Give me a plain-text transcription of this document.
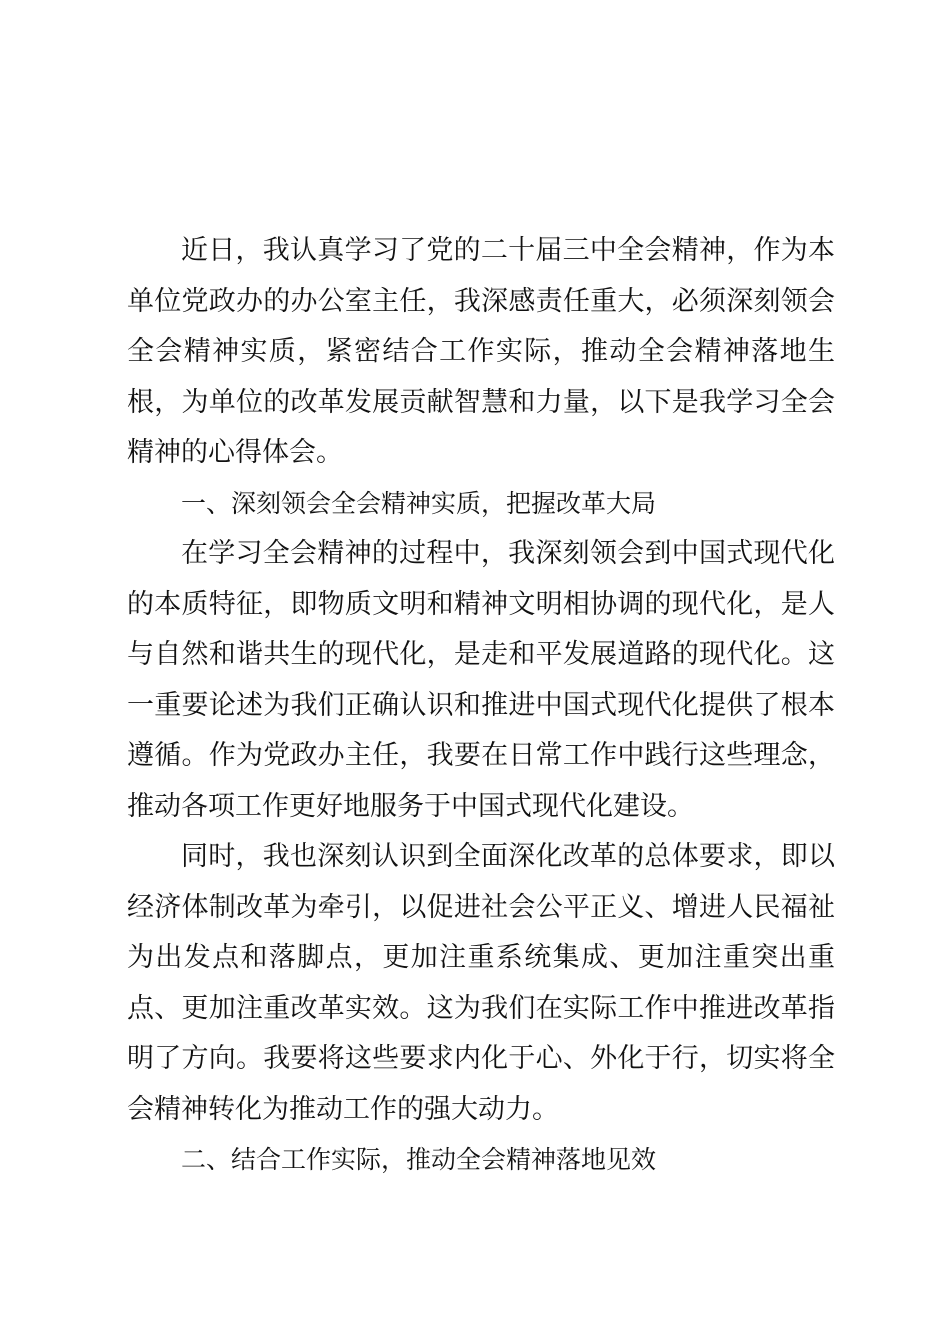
近日，我认真学习了党的二十届三中全会精神，作为本单位党政办的办公室主任，我深感责任重大，必须深刻领会全会精神实质，紧密结合工作实际，推动全会精神落地生根，为单位的改革发展贡献智慧和力量，以下是我学习全会精神的心得体会。

一、深刻领会全会精神实质，把握改革大局

在学习全会精神的过程中，我深刻领会到中国式现代化的本质特征，即物质文明和精神文明相协调的现代化，是人与自然和谐共生的现代化，是走和平发展道路的现代化。这一重要论述为我们正确认识和推进中国式现代化提供了根本遵循。作为党政办主任，我要在日常工作中践行这些理念，推动各项工作更好地服务于中国式现代化建设。

同时，我也深刻认识到全面深化改革的总体要求，即以经济体制改革为牵引，以促进社会公平正义、增进人民福祉为出发点和落脚点，更加注重系统集成、更加注重突出重点、更加注重改革实效。这为我们在实际工作中推进改革指明了方向。我要将这些要求内化于心、外化于行，切实将全会精神转化为推动工作的强大动力。

二、结合工作实际，推动全会精神落地见效
